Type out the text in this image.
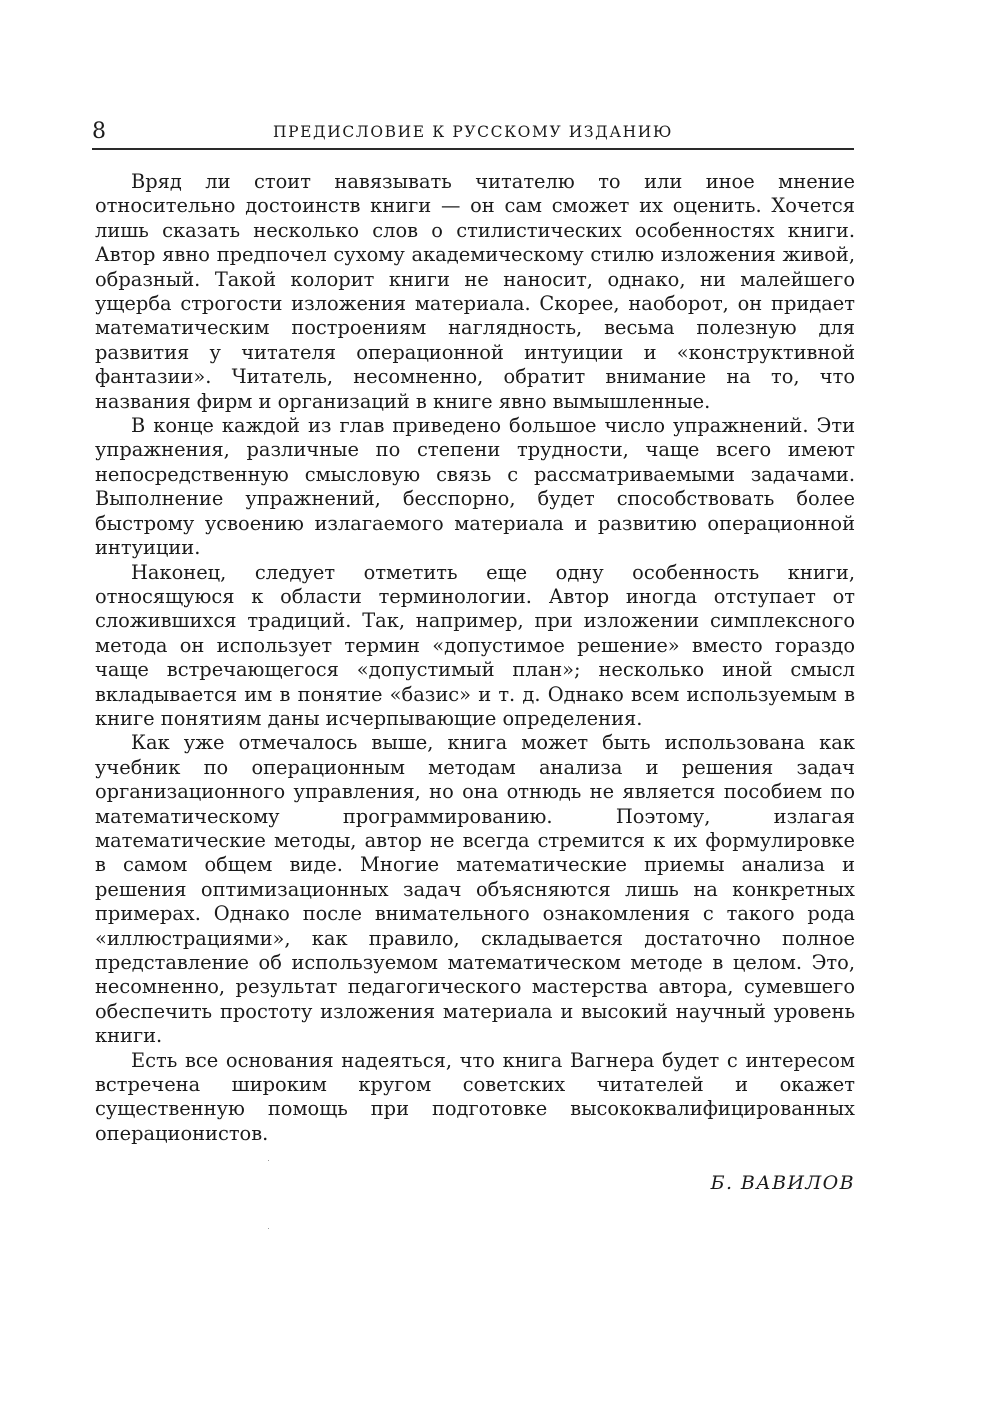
8	ПРЕДИСЛОВИЕ К РУССКОМУ ИЗДАНИЮ

Вряд ли стоит навязывать читателю то или иное мнение относительно достоинств книги — он сам сможет их оценить. Хочется лишь сказать несколько слов о стилистических особенностях книги. Автор явно предпочел сухому академическому стилю изложения живой, образный. Такой колорит книги не наносит, однако, ни малейшего ущерба строгости изложения материала. Скорее, наоборот, он придает математическим построениям наглядность, весьма полезную для развития у читателя операционной интуиции и «конструктивной фантазии». Читатель, несомненно, обратит внимание на то, что названия фирм и организаций в книге явно вымышленные.

В конце каждой из глав приведено большое число упражнений. Эти упражнения, различные по степени трудности, чаще всего имеют непосредственную смысловую связь с рассматриваемыми задачами. Выполнение упражнений, бесспорно, будет способствовать более быстрому усвоению излагаемого материала и развитию операционной интуиции.

Наконец, следует отметить еще одну особенность книги, относящуюся к области терминологии. Автор иногда отступает от сложившихся традиций. Так, например, при изложении симплексного метода он использует термин «допустимое решение» вместо гораздо чаще встречающегося «допустимый план»; несколько иной смысл вкладывается им в понятие «базис» и т. д. Однако всем используемым в книге понятиям даны исчерпывающие определения.

Как уже отмечалось выше, книга может быть использована как учебник по операционным методам анализа и решения задач организационного управления, но она отнюдь не является пособием по математическому программированию. Поэтому, излагая математические методы, автор не всегда стремится к их формулировке в самом общем виде. Многие математические приемы анализа и решения оптимизационных задач объясняются лишь на конкретных примерах. Однако после внимательного ознакомления с такого рода «иллюстрациями», как правило, складывается достаточно полное представление об используемом математическом методе в целом. Это, несомненно, результат педагогического мастерства автора, сумевшего обеспечить простоту изложения материала и высокий научный уровень книги.

Есть все основания надеяться, что книга Вагнера будет с интересом встречена широким кругом советских читателей и окажет существенную помощь при подготовке высококвалифицированных операционистов.

Б. ВАВИЛОВ
